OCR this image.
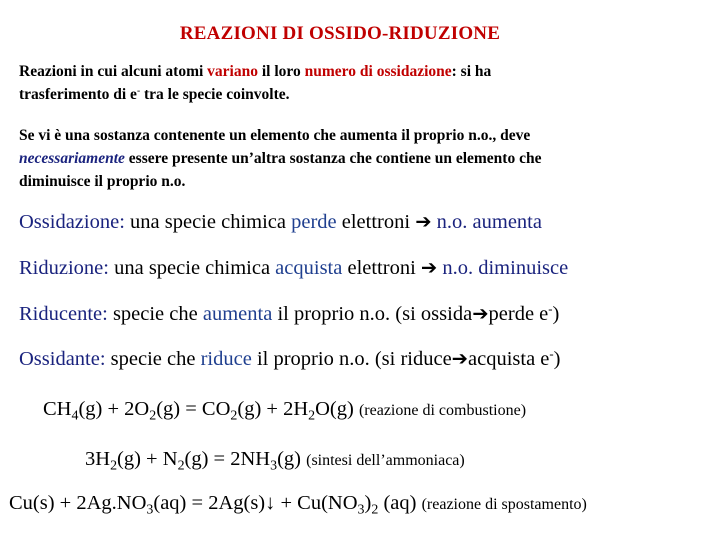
REAZIONI DI OSSIDO-RIDUZIONE
Reazioni in cui alcuni atomi variano il loro numero di ossidazione: si ha
trasferimento di e- tra le specie coinvolte.
Se vi è una sostanza contenente un elemento che aumenta il proprio n.o., deve
necessariamente essere presente un’altra sostanza che contiene un elemento che
diminuisce il proprio n.o.
Ossidazione: una specie chimica perde elettroni ➔ n.o. aumenta
Riduzione: una specie chimica acquista elettroni ➔ n.o. diminuisce
Riducente: specie che aumenta il proprio n.o. (si ossida➔perde e-)
Ossidante: specie che riduce il proprio n.o. (si riduce➔acquista e-)
$CH_4(g) + 2O_2(g) = CO_2(g) + 2H_2O(g)$ (reazione di combustione)
$3H_2(g) + N_2(g) = 2NH_3(g)$ (sintesi dell’ammoniaca)
$Cu(s) + 2Ag.NO_3(aq)$ = 2Ag(s)↓ + $Cu(NO_3)_2$ (aq) (reazione di spostamento)
